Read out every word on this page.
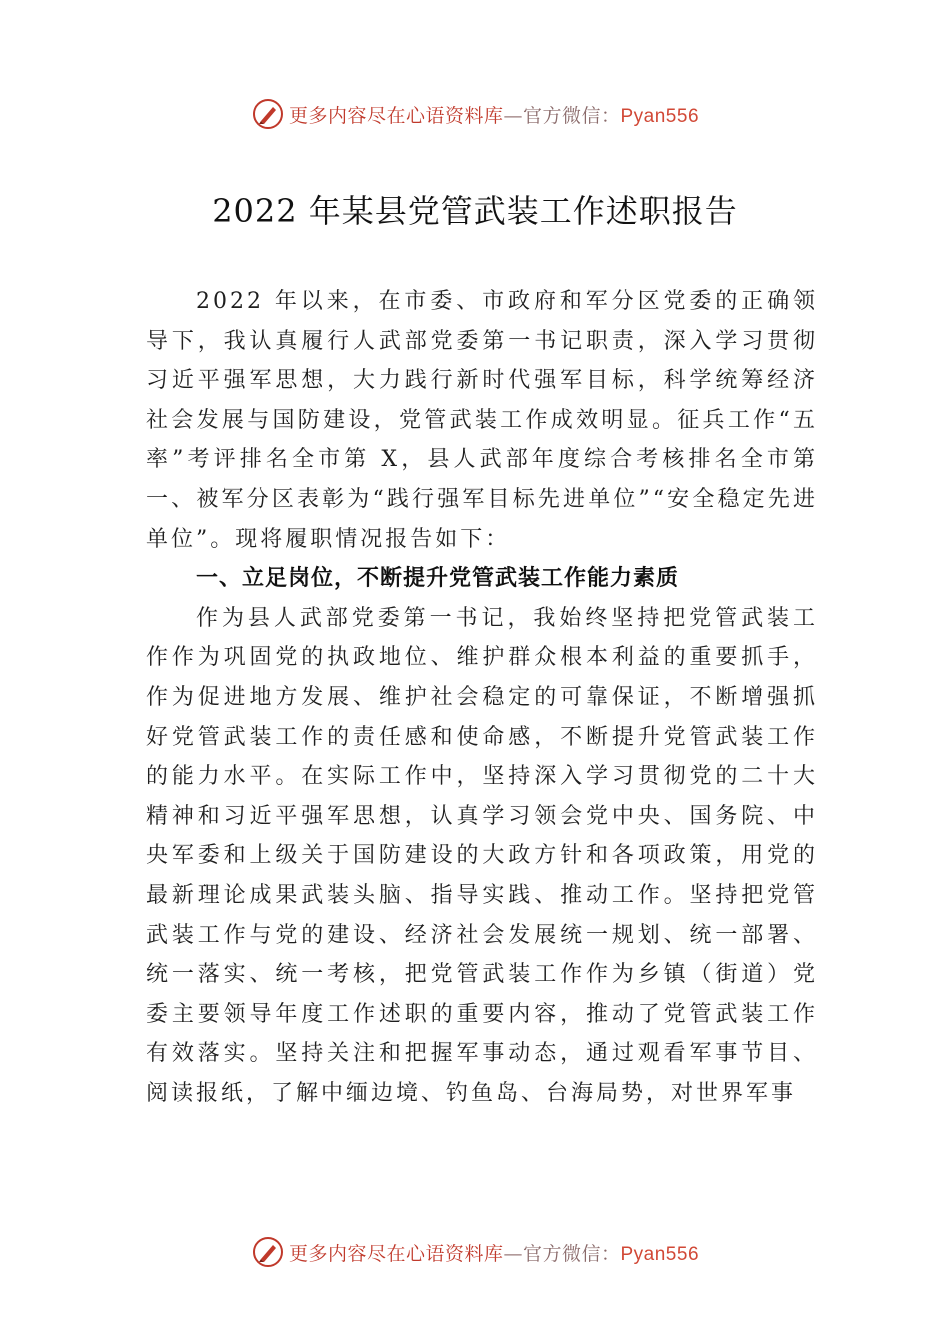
更多内容尽在心语资料库—官方微信：Pyan556
2022 年某县党管武装工作述职报告

2022 年以来，在市委、市政府和军分区党委的正确领导下，我认真履行人武部党委第一书记职责，深入学习贯彻习近平强军思想，大力践行新时代强军目标，科学统筹经济社会发展与国防建设，党管武装工作成效明显。征兵工作“五率”考评排名全市第 X，县人武部年度综合考核排名全市第一、被军分区表彰为“践行强军目标先进单位”“安全稳定先进单位”。现将履职情况报告如下：

一、立足岗位，不断提升党管武装工作能力素质

作为县人武部党委第一书记，我始终坚持把党管武装工作作为巩固党的执政地位、维护群众根本利益的重要抓手， 作为促进地方发展、维护社会稳定的可靠保证，不断增强抓好党管武装工作的责任感和使命感，不断提升党管武装工作的能力水平。在实际工作中，坚持深入学习贯彻党的二十大精神和习近平强军思想，认真学习领会党中央、国务院、中央军委和上级关于国防建设的大政方针和各项政策，用党的最新理论成果武装头脑、指导实践、推动工作。坚持把党管武装工作与党的建设、经济社会发展统一规划、统一部署、 统一落实、统一考核，把党管武装工作作为乡镇（街道）党委主要领导年度工作述职的重要内容，推动了党管武装工作有效落实。坚持关注和把握军事动态，通过观看军事节目、 阅读报纸，了解中缅边境、钓鱼岛、台海局势，对世界军事

更多内容尽在心语资料库—官方微信：Pyan556
